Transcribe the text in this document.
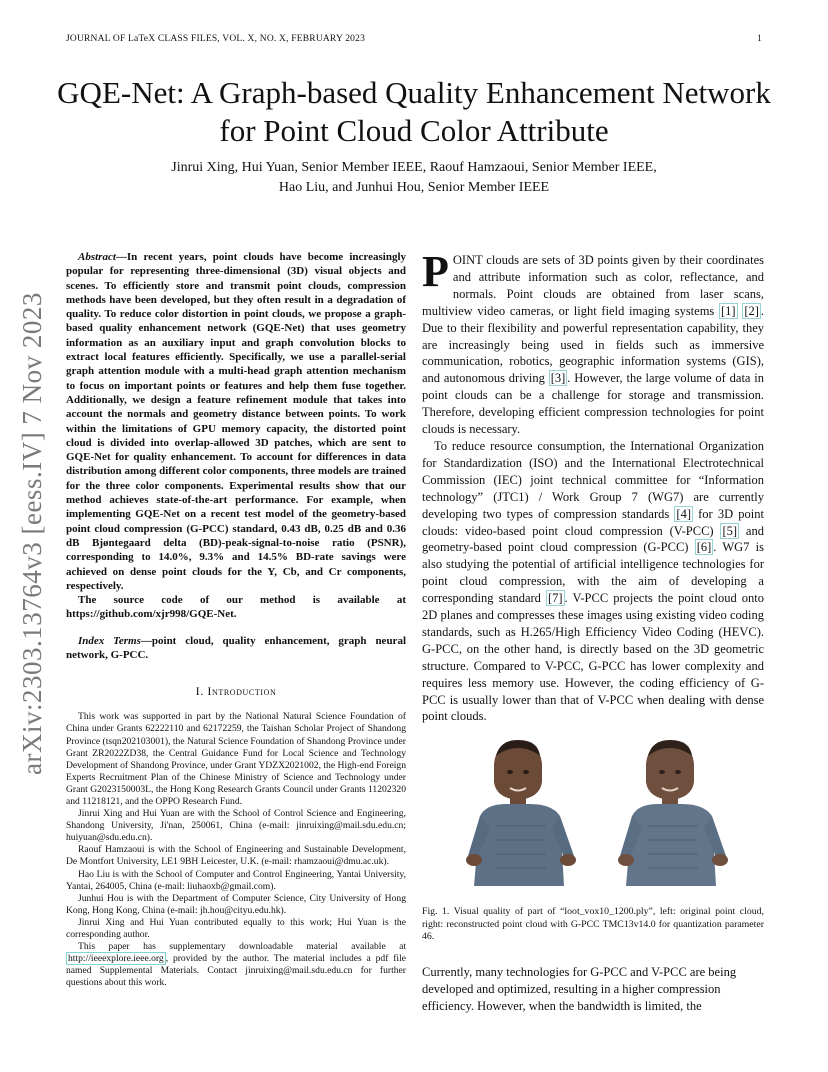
JOURNAL OF LaTeX CLASS FILES, VOL. X, NO. X, FEBRUARY 2023	1
arXiv:2303.13764v3 [eess.IV] 7 Nov 2023
GQE-Net: A Graph-based Quality Enhancement Network for Point Cloud Color Attribute
Jinrui Xing, Hui Yuan, Senior Member IEEE, Raouf Hamzaoui, Senior Member IEEE,
Hao Liu, and Junhui Hou, Senior Member IEEE

Abstract—In recent years, point clouds have become increasingly popular for representing three-dimensional (3D) visual objects and scenes. To efficiently store and transmit point clouds, compression methods have been developed, but they often result in a degradation of quality. To reduce color distortion in point clouds, we propose a graph-based quality enhancement network (GQE-Net) that uses geometry information as an auxiliary input and graph convolution blocks to extract local features efficiently. Specifically, we use a parallel-serial graph attention module with a multi-head graph attention mechanism to focus on important points or features and help them fuse together. Additionally, we design a feature refinement module that takes into account the normals and geometry distance between points. To work within the limitations of GPU memory capacity, the distorted point cloud is divided into overlap-allowed 3D patches, which are sent to GQE-Net for quality enhancement. To account for differences in data distribution among different color components, three models are trained for the three color components. Experimental results show that our method achieves state-of-the-art performance. For example, when implementing GQE-Net on a recent test model of the geometry-based point cloud compression (G-PCC) standard, 0.43 dB, 0.25 dB and 0.36 dB Bjøntegaard delta (BD)-peak-signal-to-noise ratio (PSNR), corresponding to 14.0%, 9.3% and 14.5% BD-rate savings were achieved on dense point clouds for the Y, Cb, and Cr components, respectively.

The source code of our method is available at https://github.com/xjr998/GQE-Net.

Index Terms—point cloud, quality enhancement, graph neural network, G-PCC.

I. Introduction

This work was supported in part by the National Natural Science Foundation of China under Grants 62222110 and 62172259, the Taishan Scholar Project of Shandong Province (tsqn202103001), the Natural Science Foundation of Shandong Province under Grant ZR2022ZD38, the Central Guidance Fund for Local Science and Technology Development of Shandong Province, under Grant YDZX2021002, the High-end Foreign Experts Recruitment Plan of the Chinese Ministry of Science and Technology under Grant G2023150003L, the Hong Kong Research Grants Council under Grants 11202320 and 11218121, and the OPPO Research Fund.

Jinrui Xing and Hui Yuan are with the School of Control Science and Engineering, Shandong University, Ji'nan, 250061, China (e-mail: jinruixing@mail.sdu.edu.cn; huiyuan@sdu.edu.cn).

Raouf Hamzaoui is with the School of Engineering and Sustainable Development, De Montfort University, LE1 9BH Leicester, U.K. (e-mail: rhamzaoui@dmu.ac.uk).

Hao Liu is with the School of Computer and Control Engineering, Yantai University, Yantai, 264005, China (e-mail: liuhaoxb@gmail.com).

Junhui Hou is with the Department of Computer Science, City University of Hong Kong, Hong Kong, China (e-mail: jh.hou@cityu.edu.hk).

Jinrui Xing and Hui Yuan contributed equally to this work; Hui Yuan is the corresponding author.

This paper has supplementary downloadable material available at http://ieeexplore.ieee.org , provided by the author. The material includes a pdf file named Supplemental Materials. Contact jinruixing@mail.sdu.edu.cn for further questions about this work.

POINT clouds are sets of 3D points given by their coordinates and attribute information such as color, reflectance, and normals. Point clouds are obtained from laser scans, multiview video cameras, or light field imaging systems [1] [2] . Due to their flexibility and powerful representation capability, they are increasingly being used in fields such as immersive communication, robotics, geographic information systems (GIS), and autonomous driving [3] . However, the large volume of data in point clouds can be a challenge for storage and transmission. Therefore, developing efficient compression technologies for point clouds is necessary.

To reduce resource consumption, the International Organization for Standardization (ISO) and the International Electrotechnical Commission (IEC) joint technical committee for “Information technology” (JTC1) / Work Group 7 (WG7) are currently developing two types of compression standards [4] for 3D point clouds: video-based point cloud compression (V-PCC) [5] and geometry-based point cloud compression (G-PCC) [6] . WG7 is also studying the potential of artificial intelligence technologies for point cloud compression, with the aim of developing a corresponding standard [7] . V-PCC projects the point cloud onto 2D planes and compresses these images using existing video coding standards, such as H.265/High Efficiency Video Coding (HEVC). G-PCC, on the other hand, is directly based on the 3D geometric structure. Compared to V-PCC, G-PCC has lower complexity and requires less memory use. However, the coding efficiency of G-PCC is usually lower than that of V-PCC when dealing with dense point clouds.

Fig. 1. Visual quality of part of “loot_vox10_1200.ply”, left: original point cloud, right: reconstructed point cloud with G-PCC TMC13v14.0 for quantization parameter 46.

Currently, many technologies for G-PCC and V-PCC are being developed and optimized, resulting in a higher compression efficiency. However, when the bandwidth is limited, the
